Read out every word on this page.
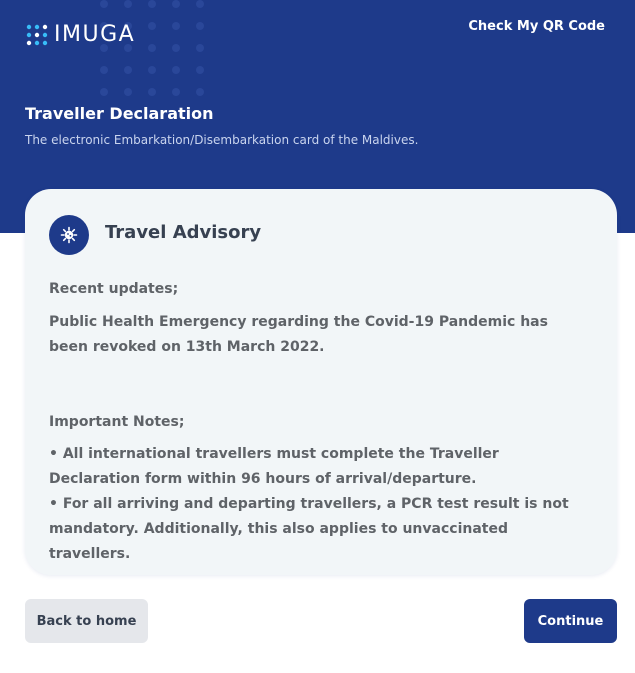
IMUGA	Check My QR Code
Traveller Declaration

The electronic Embarkation/Disembarkation card of the Maldives.

Travel Advisory
Recent updates;

Public Health Emergency regarding the Covid-19 Pandemic has been revoked on 13th March 2022.

Important Notes;

• All international travellers must complete the Traveller Declaration form within 96 hours of arrival/departure.

• For all arriving and departing travellers, a PCR test result is not mandatory. Additionally, this also applies to unvaccinated travellers.

Back to home	Continue
